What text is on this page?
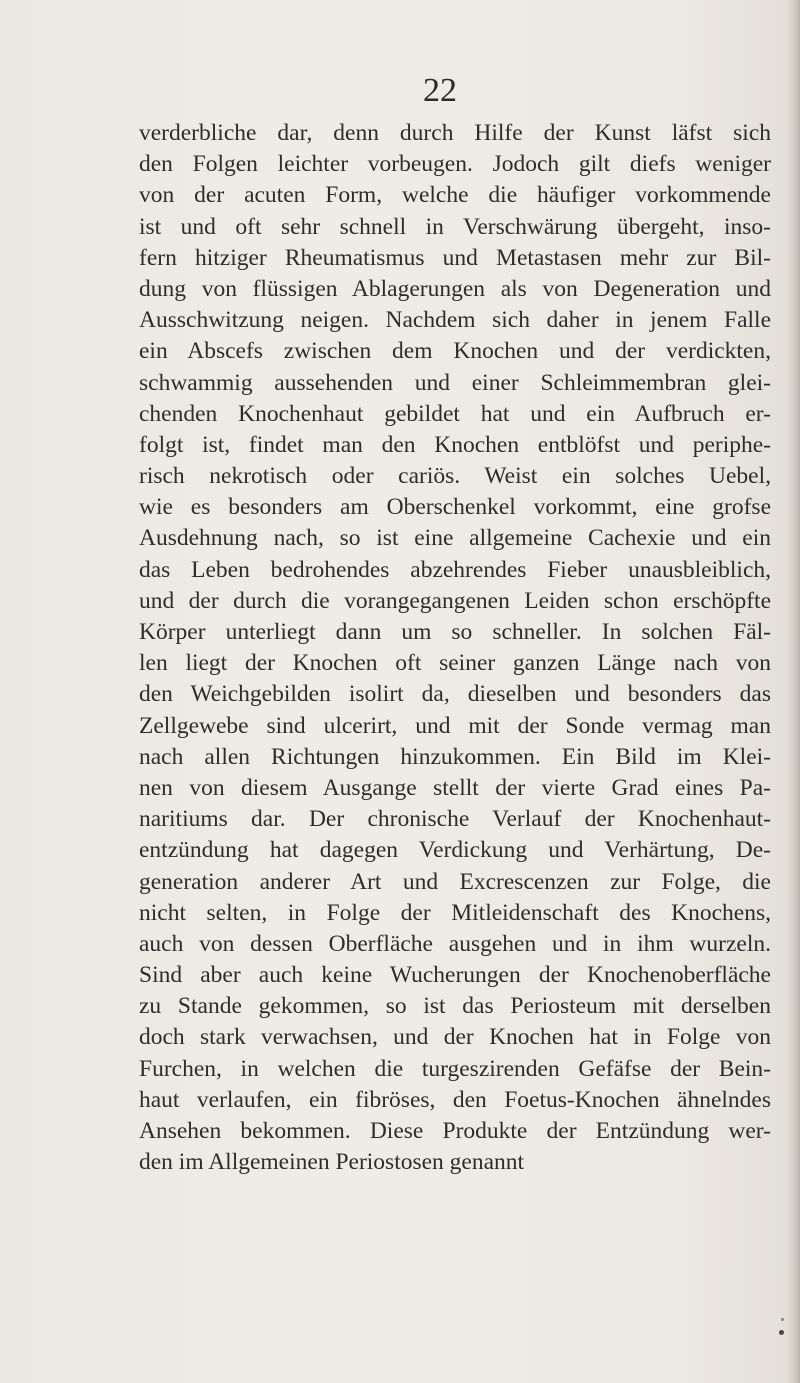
22
verderbliche dar, denn durch Hilfe der Kunst läfst sich
den Folgen leichter vorbeugen. Jodoch gilt diefs weniger
von der acuten Form, welche die häufiger vorkommende
ist und oft sehr schnell in Verschwärung übergeht, inso-
fern hitziger Rheumatismus und Metastasen mehr zur Bil-
dung von flüssigen Ablagerungen als von Degeneration und
Ausschwitzung neigen. Nachdem sich daher in jenem Falle
ein Abscefs zwischen dem Knochen und der verdickten,
schwammig aussehenden und einer Schleimmembran glei-
chenden Knochenhaut gebildet hat und ein Aufbruch er-
folgt ist, findet man den Knochen entblöfst und periphe-
risch nekrotisch oder cariös. Weist ein solches Uebel,
wie es besonders am Oberschenkel vorkommt, eine grofse
Ausdehnung nach, so ist eine allgemeine Cachexie und ein
das Leben bedrohendes abzehrendes Fieber unausbleiblich,
und der durch die vorangegangenen Leiden schon erschöpfte
Körper unterliegt dann um so schneller. In solchen Fäl-
len liegt der Knochen oft seiner ganzen Länge nach von
den Weichgebilden isolirt da, dieselben und besonders das
Zellgewebe sind ulcerirt, und mit der Sonde vermag man
nach allen Richtungen hinzukommen. Ein Bild im Klei-
nen von diesem Ausgange stellt der vierte Grad eines Pa-
naritiums dar. Der chronische Verlauf der Knochenhaut-
entzündung hat dagegen Verdickung und Verhärtung, De-
generation anderer Art und Excrescenzen zur Folge, die
nicht selten, in Folge der Mitleidenschaft des Knochens,
auch von dessen Oberfläche ausgehen und in ihm wurzeln.
Sind aber auch keine Wucherungen der Knochenoberfläche
zu Stande gekommen, so ist das Periosteum mit derselben
doch stark verwachsen, und der Knochen hat in Folge von
Furchen, in welchen die turgeszirenden Gefäfse der Bein-
haut verlaufen, ein fibröses, den Foetus-Knochen ähnelndes
Ansehen bekommen. Diese Produkte der Entzündung wer-
den im Allgemeinen Periostosen genannt
